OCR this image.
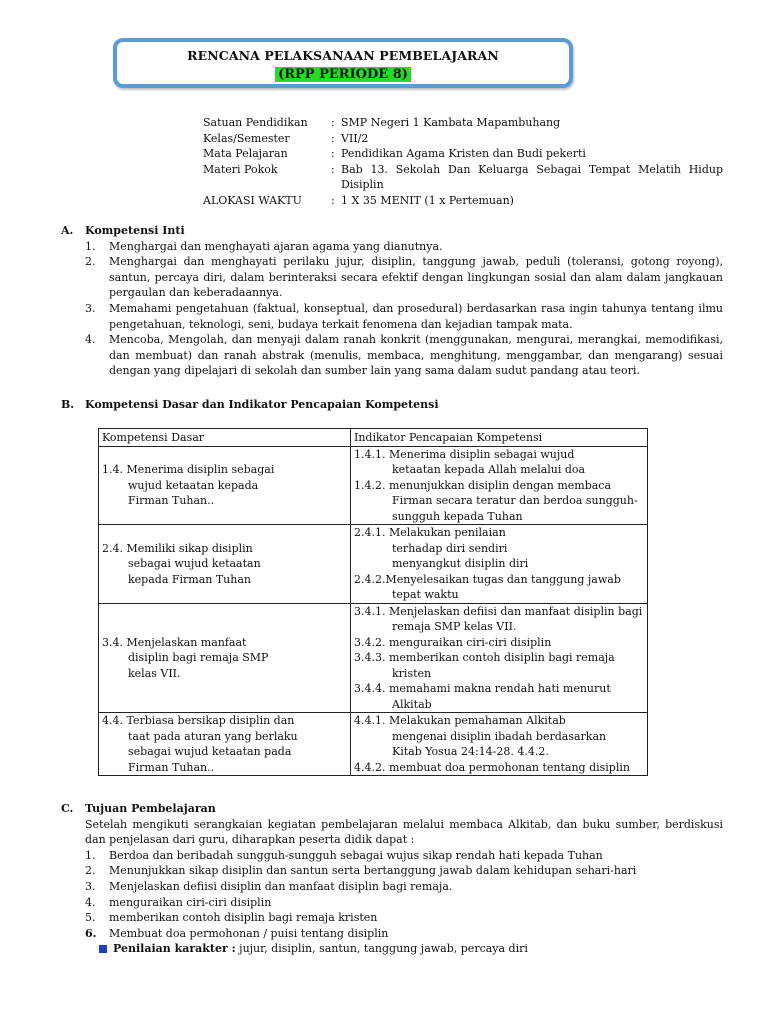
RENCANA PELAKSANAAN PEMBELAJARAN
(RPP PERIODE 8)
Satuan Pendidikan	: SMP Negeri 1 Kambata Mapambuhang
Kelas/Semester	: VII/2
Mata Pelajaran	: Pendidikan Agama Kristen dan Budi pekerti
Materi Pokok	: Bab 13. Sekolah Dan Keluarga Sebagai Tempat Melatih Hidup Disiplin
ALOKASI WAKTU	: 1 X 35 MENIT (1 x Pertemuan)
A.	Kompetensi Inti
1.	Menghargai dan menghayati ajaran agama yang dianutnya.
2.	Menghargai dan menghayati perilaku jujur, disiplin, tanggung jawab, peduli (toleransi, gotong royong), santun, percaya diri, dalam berinteraksi secara efektif dengan lingkungan sosial dan alam dalam jangkauan pergaulan dan keberadaannya.
3.	Memahami pengetahuan (faktual, konseptual, dan prosedural) berdasarkan rasa ingin tahunya tentang ilmu pengetahuan, teknologi, seni, budaya terkait fenomena dan kejadian tampak mata.
4.	Mencoba, Mengolah, dan menyaji dalam ranah konkrit (menggunakan, mengurai, merangkai, memodifikasi, dan membuat) dan ranah abstrak (menulis, membaca, menghitung, menggambar, dan mengarang) sesuai dengan yang dipelajari di sekolah dan sumber lain yang sama dalam sudut pandang atau teori.
B. Kompetensi Dasar dan Indikator Pencapaian Kompetensi
Kompetensi Dasar	Indikator Pencapaian Kompetensi

1.4. Menerima disiplin sebagai wujud ketaatan kepada Firman Tuhan..	1.4.1. Menerima disiplin sebagai wujud ketaatan kepada Allah melalui doa
1.4.2. menunjukkan disiplin dengan membaca Firman secara teratur dan berdoa sungguh-sungguh kepada Tuhan

2.4. Memiliki sikap disiplin sebagai wujud ketaatan kepada Firman Tuhan	2.4.1. Melakukan penilaian terhadap diri sendiri menyangkut disiplin diri
2.4.2.Menyelesaikan tugas dan tanggung jawab tepat waktu

3.4. Menjelaskan manfaat disiplin bagi remaja SMP kelas VII.	3.4.1. Menjelaskan defiisi dan manfaat disiplin bagi remaja SMP kelas VII.
3.4.2. menguraikan ciri-ciri disiplin
3.4.3. memberikan contoh disiplin bagi remaja kristen
3.4.4. memahami makna rendah hati menurut Alkitab

4.4. Terbiasa bersikap disiplin dan taat pada aturan yang berlaku sebagai wujud ketaatan pada Firman Tuhan..	4.4.1. Melakukan pemahaman Alkitab mengenai disiplin ibadah berdasarkan Kitab Yosua 24:14-28. 4.4.2.
4.4.2. membuat doa permohonan tentang disiplin
C.	Tujuan Pembelajaran
Setelah mengikuti serangkaian kegiatan pembelajaran melalui membaca Alkitab, dan buku sumber, berdiskusi dan penjelasan dari guru, diharapkan peserta didik dapat :
1.	Berdoa dan beribadah sungguh-sungguh sebagai wujus sikap rendah hati kepada Tuhan
2.	Menunjukkan sikap disiplin dan santun serta bertanggung jawab dalam kehidupan sehari-hari
3.	Menjelaskan defiisi disiplin dan manfaat disiplin bagi remaja.
4.	menguraikan ciri-ciri disiplin
5.	memberikan contoh disiplin bagi remaja kristen
6.	Membuat doa permohonan / puisi tentang disiplin
Penilaian karakter : jujur, disiplin, santun, tanggung jawab, percaya diri
